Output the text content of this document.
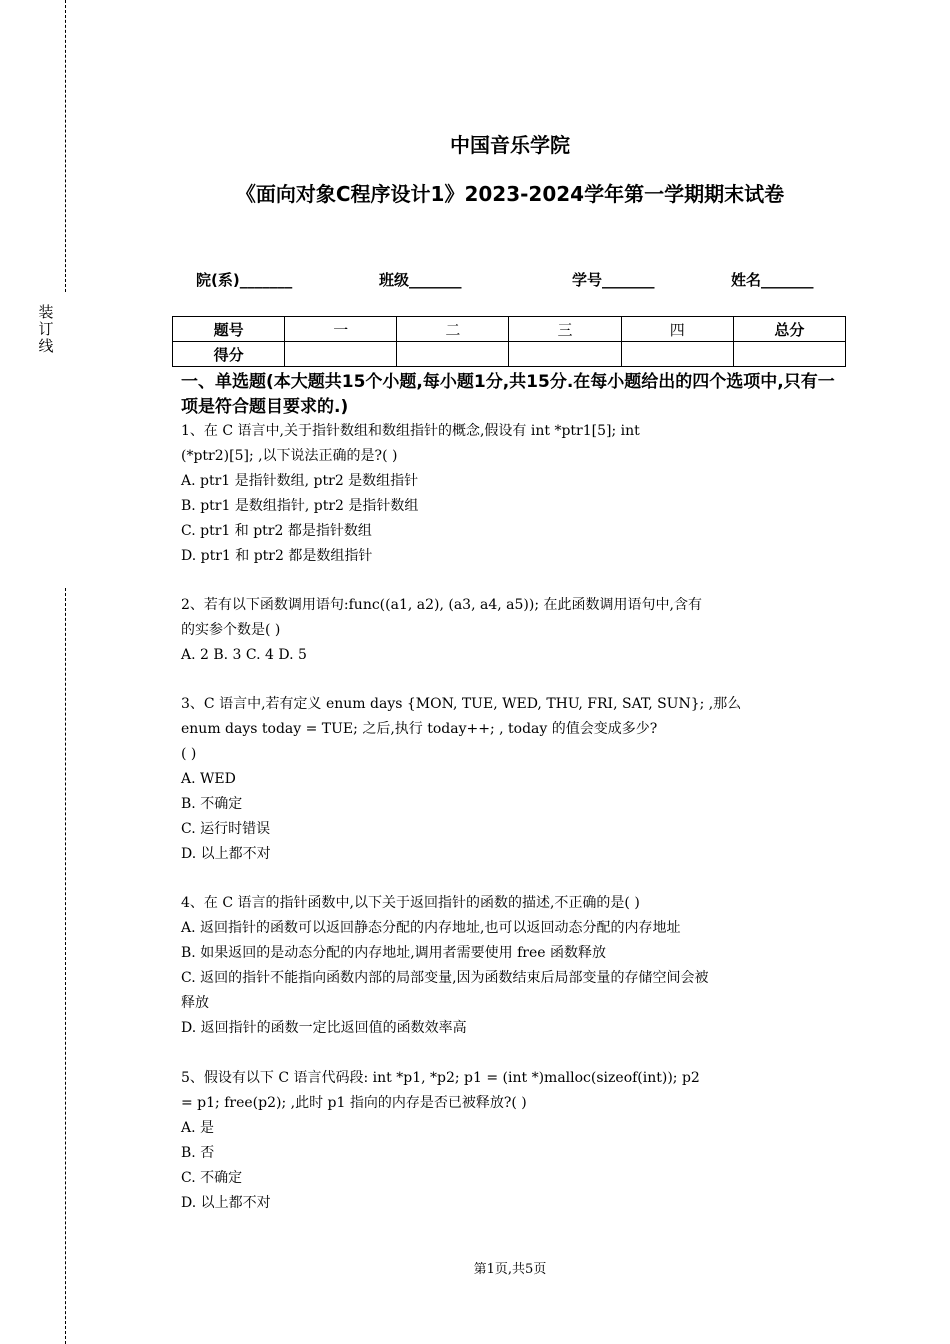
装
订
线
中国音乐学院
《面向对象C程序设计1》2023-2024学年第一学期期末试卷
院(系)_______	班级_______	学号_______	姓名_______
题号	一	二	三	四	总分
得分					
一、单选题(本大题共15个小题,每小题1分,共15分.在每小题给出的四个选项中,只有一项是符合题目要求的.)
1、在 C 语言中,关于指针数组和数组指针的概念,假设有 int *ptr1[5]; int
(*ptr2)[5]; ,以下说法正确的是?( )
A. ptr1 是指针数组, ptr2 是数组指针
B. ptr1 是数组指针, ptr2 是指针数组
C. ptr1 和 ptr2 都是指针数组
D. ptr1 和 ptr2 都是数组指针
2、若有以下函数调用语句:func((a1, a2), (a3, a4, a5)); 在此函数调用语句中,含有
的实参个数是( )
A. 2 B. 3 C. 4 D. 5
3、C 语言中,若有定义 enum days {MON, TUE, WED, THU, FRI, SAT, SUN}; ,那么
enum days today = TUE; 之后,执行 today++; , today 的值会变成多少?
( )
A. WED
B. 不确定
C. 运行时错误
D. 以上都不对
4、在 C 语言的指针函数中,以下关于返回指针的函数的描述,不正确的是( )
A. 返回指针的函数可以返回静态分配的内存地址,也可以返回动态分配的内存地址
B. 如果返回的是动态分配的内存地址,调用者需要使用 free 函数释放
C. 返回的指针不能指向函数内部的局部变量,因为函数结束后局部变量的存储空间会被
释放
D. 返回指针的函数一定比返回值的函数效率高
5、假设有以下 C 语言代码段: int *p1, *p2; p1 = (int *)malloc(sizeof(int)); p2
= p1; free(p2); ,此时 p1 指向的内存是否已被释放?( )
A. 是
B. 否
C. 不确定
D. 以上都不对
第1页,共5页
